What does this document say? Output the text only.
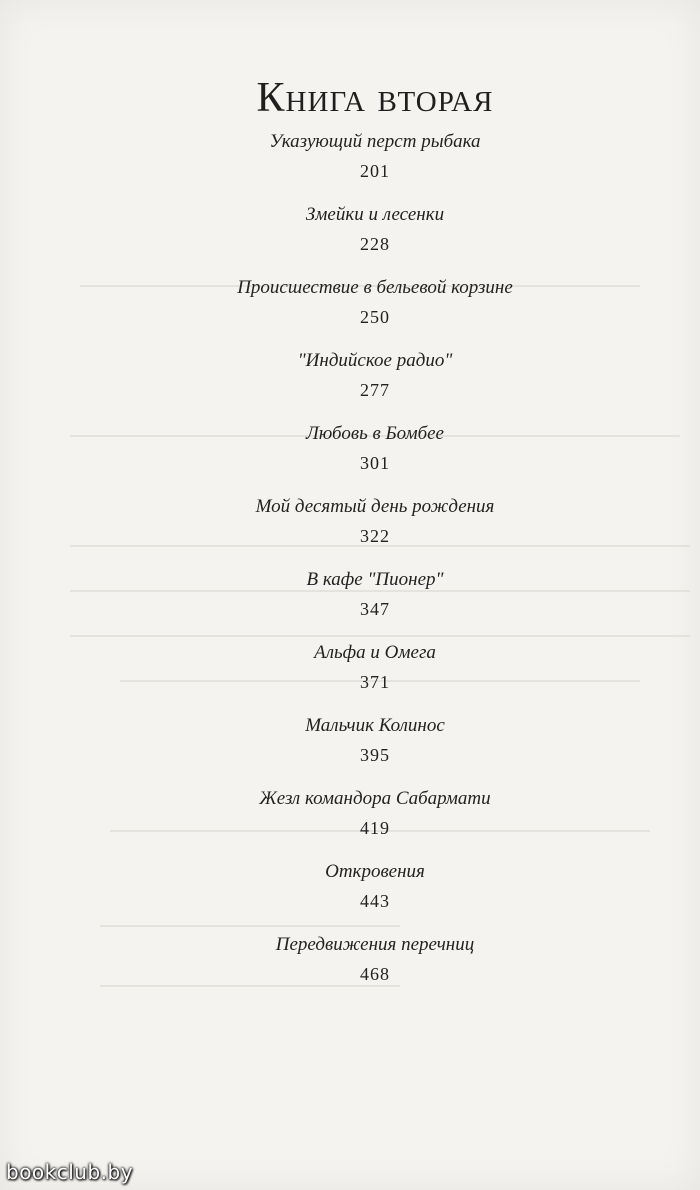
Книга вторая
Указующий перст рыбака
201
Змейки и лесенки
228
Происшествие в бельевой корзине
250
"Индийское радио"
277
Любовь в Бомбее
301
Мой десятый день рождения
322
В кафе "Пионер"
347
Альфа и Омега
371
Мальчик Колинос
395
Жезл командора Сабармати
419
Откровения
443
Передвижения перечниц
468
bookclub.by
